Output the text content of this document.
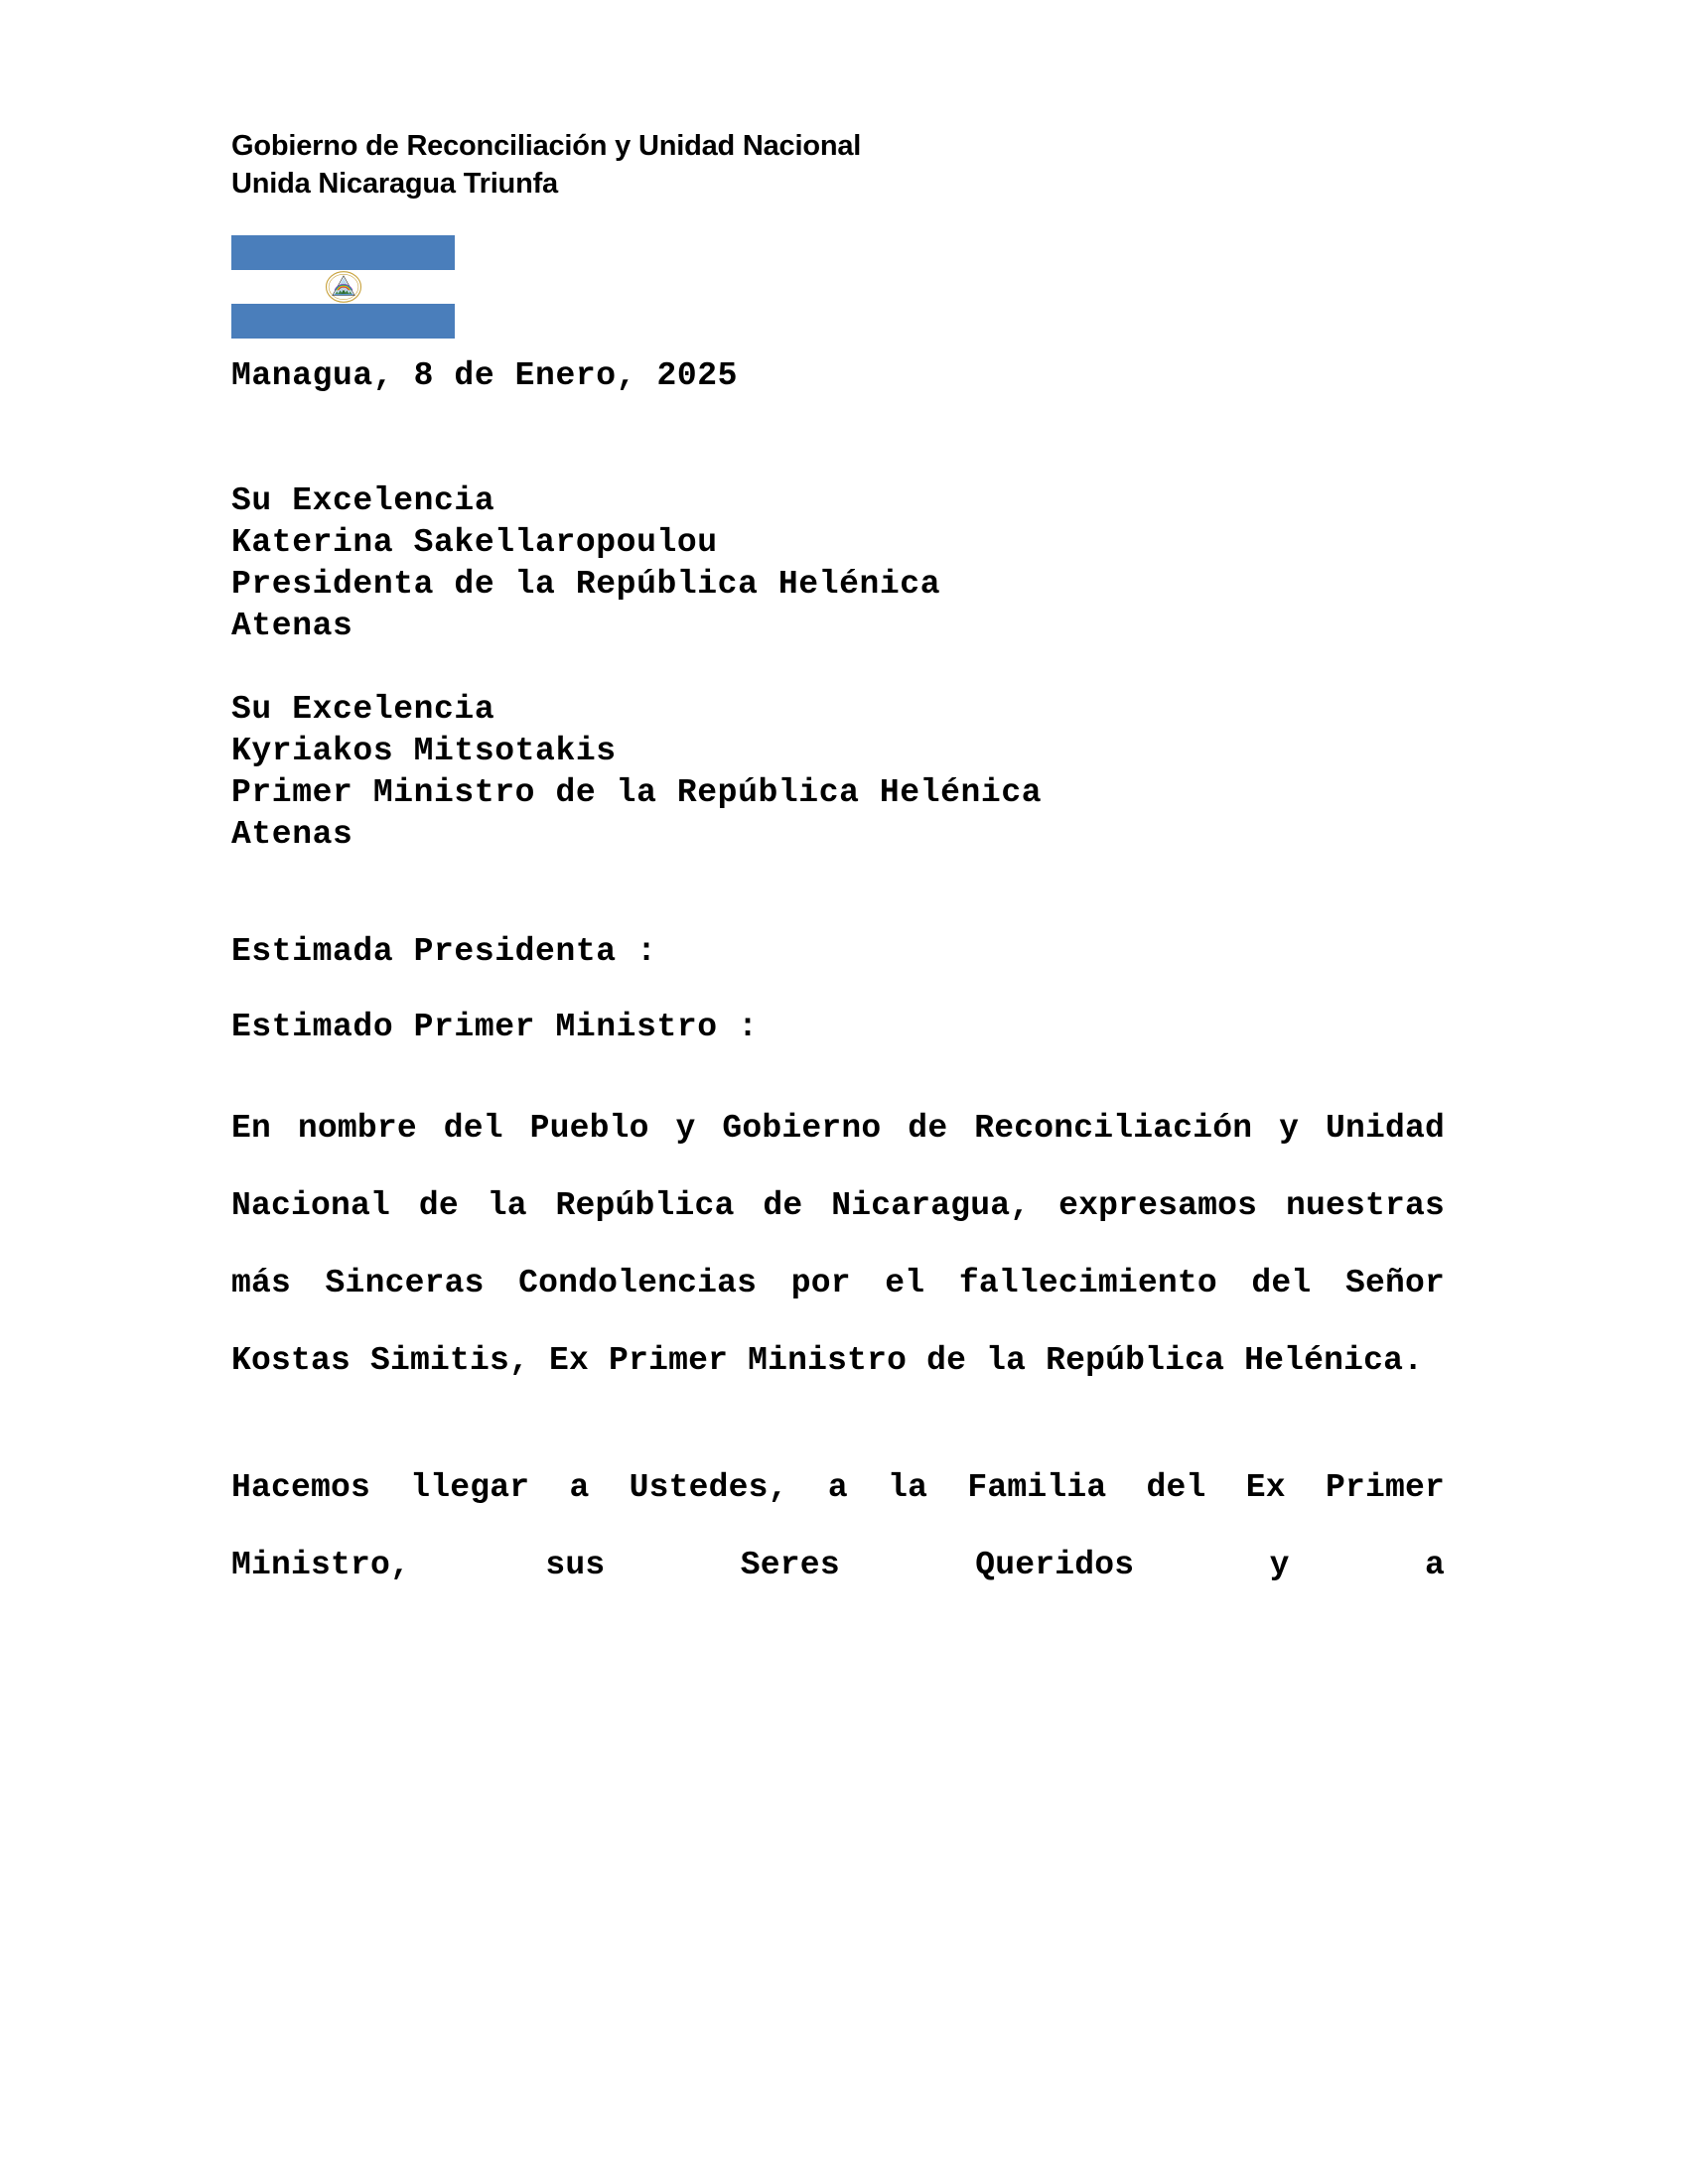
Gobierno de Reconciliación y Unidad Nacional
Unida Nicaragua Triunfa
Managua, 8 de Enero, 2025
Su Excelencia
Katerina Sakellaropoulou
Presidenta de la República Helénica
Atenas
Su Excelencia
Kyriakos Mitsotakis
Primer Ministro de la República Helénica
Atenas
Estimada Presidenta :
Estimado Primer Ministro :

En nombre del Pueblo y Gobierno de Reconciliación y Unidad Nacional de la República de Nicaragua, expresamos nuestras más Sinceras Condolencias por el fallecimiento del Señor Kostas Simitis, Ex Primer Ministro de la República Helénica.

Hacemos llegar a Ustedes, a la Familia del Ex Primer Ministro, sus Seres Queridos y a
